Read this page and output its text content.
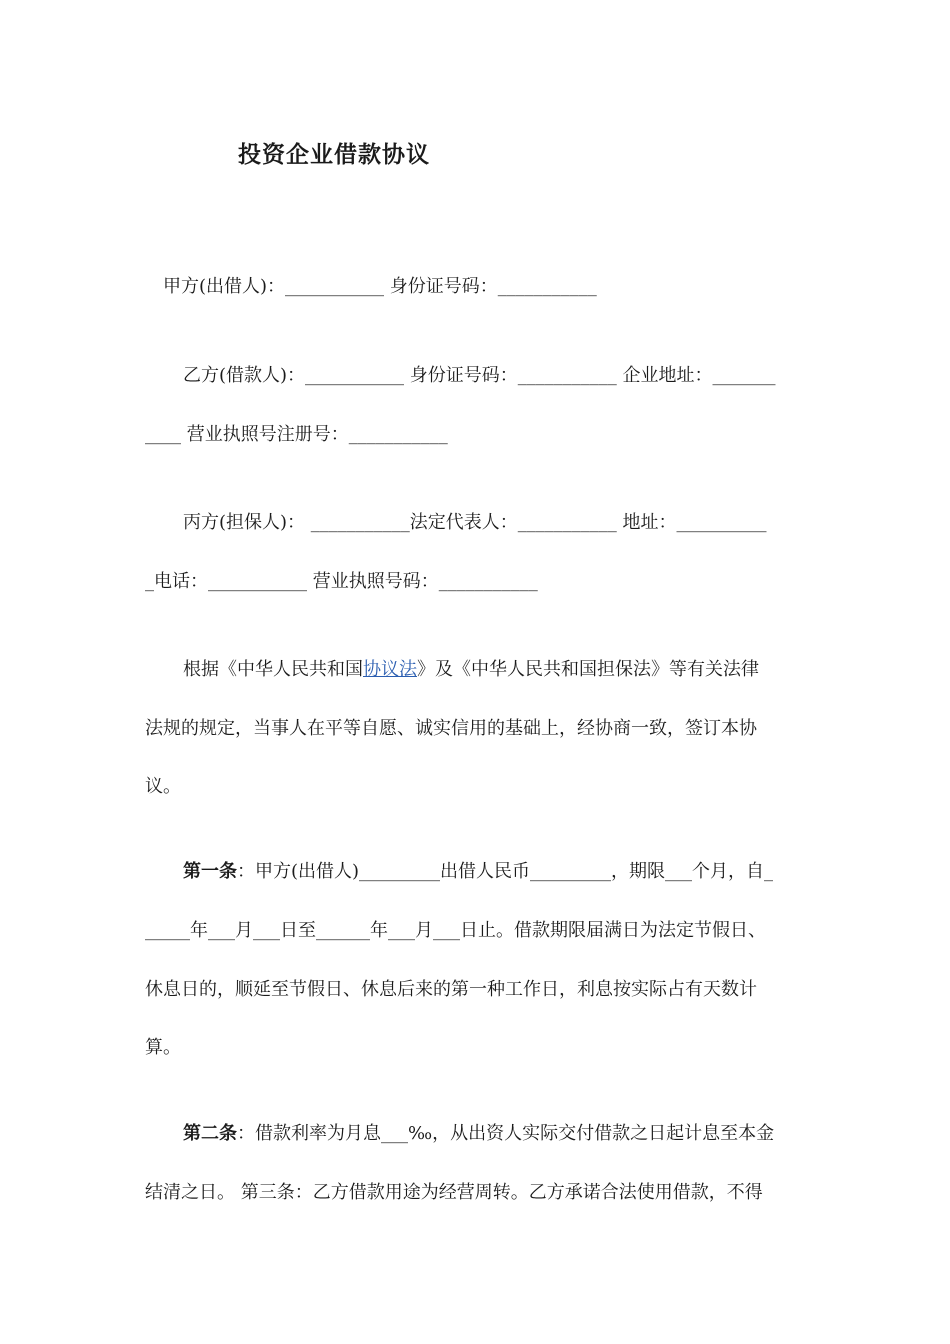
投资企业借款协议
甲方(出借人)：___________ 身份证号码：___________
乙方(借款人)：___________ 身份证号码：___________ 企业地址：_______
____ 营业执照号注册号：___________
丙方(担保人)： ___________法定代表人：___________ 地址：__________
_电话：___________ 营业执照号码：___________
根据《中华人民共和国协议法》及《中华人民共和国担保法》等有关法律
法规的规定，当事人在平等自愿、诚实信用的基础上，经协商一致，签订本协
议。
第一条：甲方(出借人)_________出借人民币_________，期限___个月，自_
_____年___月___日至______年___月___日止。借款期限届满日为法定节假日、
休息日的，顺延至节假日、休息后来的第一种工作日，利息按实际占有天数计
算。
第二条：借款利率为月息___‰，从出资人实际交付借款之日起计息至本金
结清之日。 第三条：乙方借款用途为经营周转。乙方承诺合法使用借款，不得
